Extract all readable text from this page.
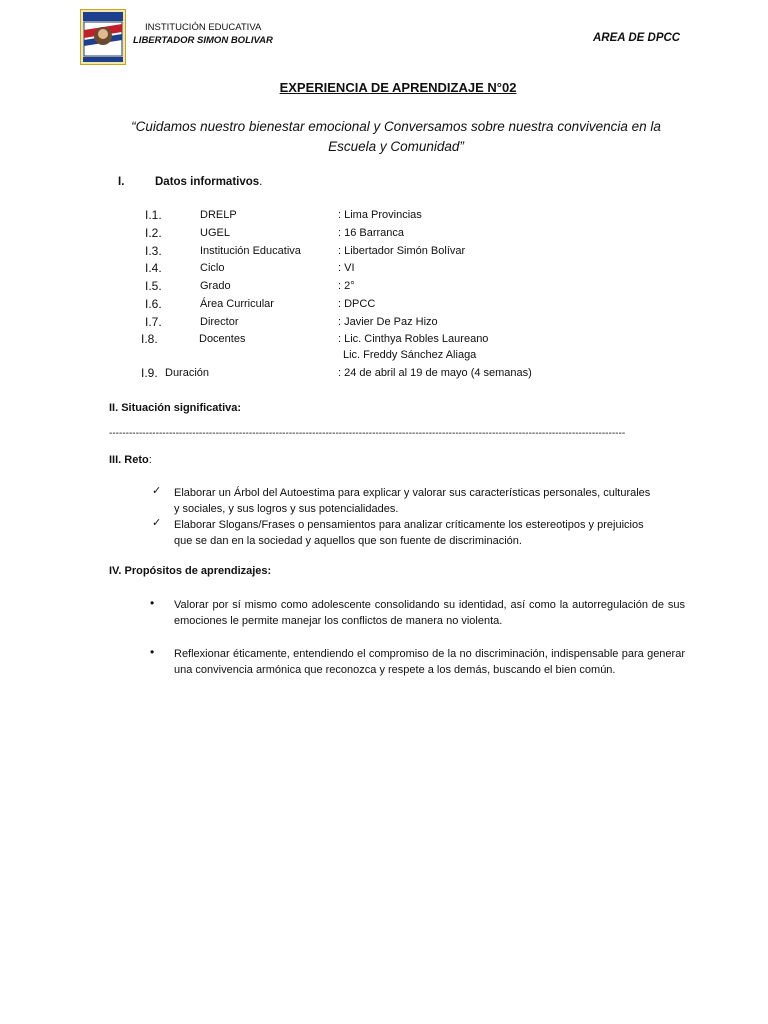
INSTITUCIÓN EDUCATIVA
LIBERTADOR SIMON BOLIVAR	AREA DE DPCC
EXPERIENCIA DE APRENDIZAJE N°02
“Cuidamos nuestro bienestar emocional y Conversamos sobre nuestra convivencia en la Escuela y Comunidad”
I.	Datos informativos.
I.1.	DRELP	: Lima Provincias
I.2.	UGEL	: 16 Barranca
I.3.	Institución Educativa	: Libertador Simón Bolívar
I.4.	Ciclo	: VI
I.5.	Grado	: 2°
I.6.	Área Curricular	: DPCC
I.7.	Director	: Javier De Paz Hizo
I.8.	Docentes	: Lic. Cinthya Robles Laureano
Lic. Freddy Sánchez Aliaga
I.9. Duración	: 24 de abril al 19 de mayo (4 semanas)
II. Situación significativa:
-----------------------------------------------------------------------------------------------------------------------------------------------------------
III. Reto:
✓ Elaborar un Árbol del Autoestima para explicar y valorar sus características personales, culturales
y sociales, y sus logros y sus potencialidades.
✓ Elaborar Slogans/Frases o pensamientos para analizar críticamente los estereotipos y prejuicios
que se dan en la sociedad y aquellos que son fuente de discriminación.
IV. Propósitos de aprendizajes:
• Valorar por sí mismo como adolescente consolidando su identidad, así como la autorregulación de sus emociones le permite manejar los conflictos de manera no violenta.
• Reflexionar éticamente, entendiendo el compromiso de la no discriminación, indispensable para generar una convivencia armónica que reconozca y respete a los demás, buscando el bien común.
